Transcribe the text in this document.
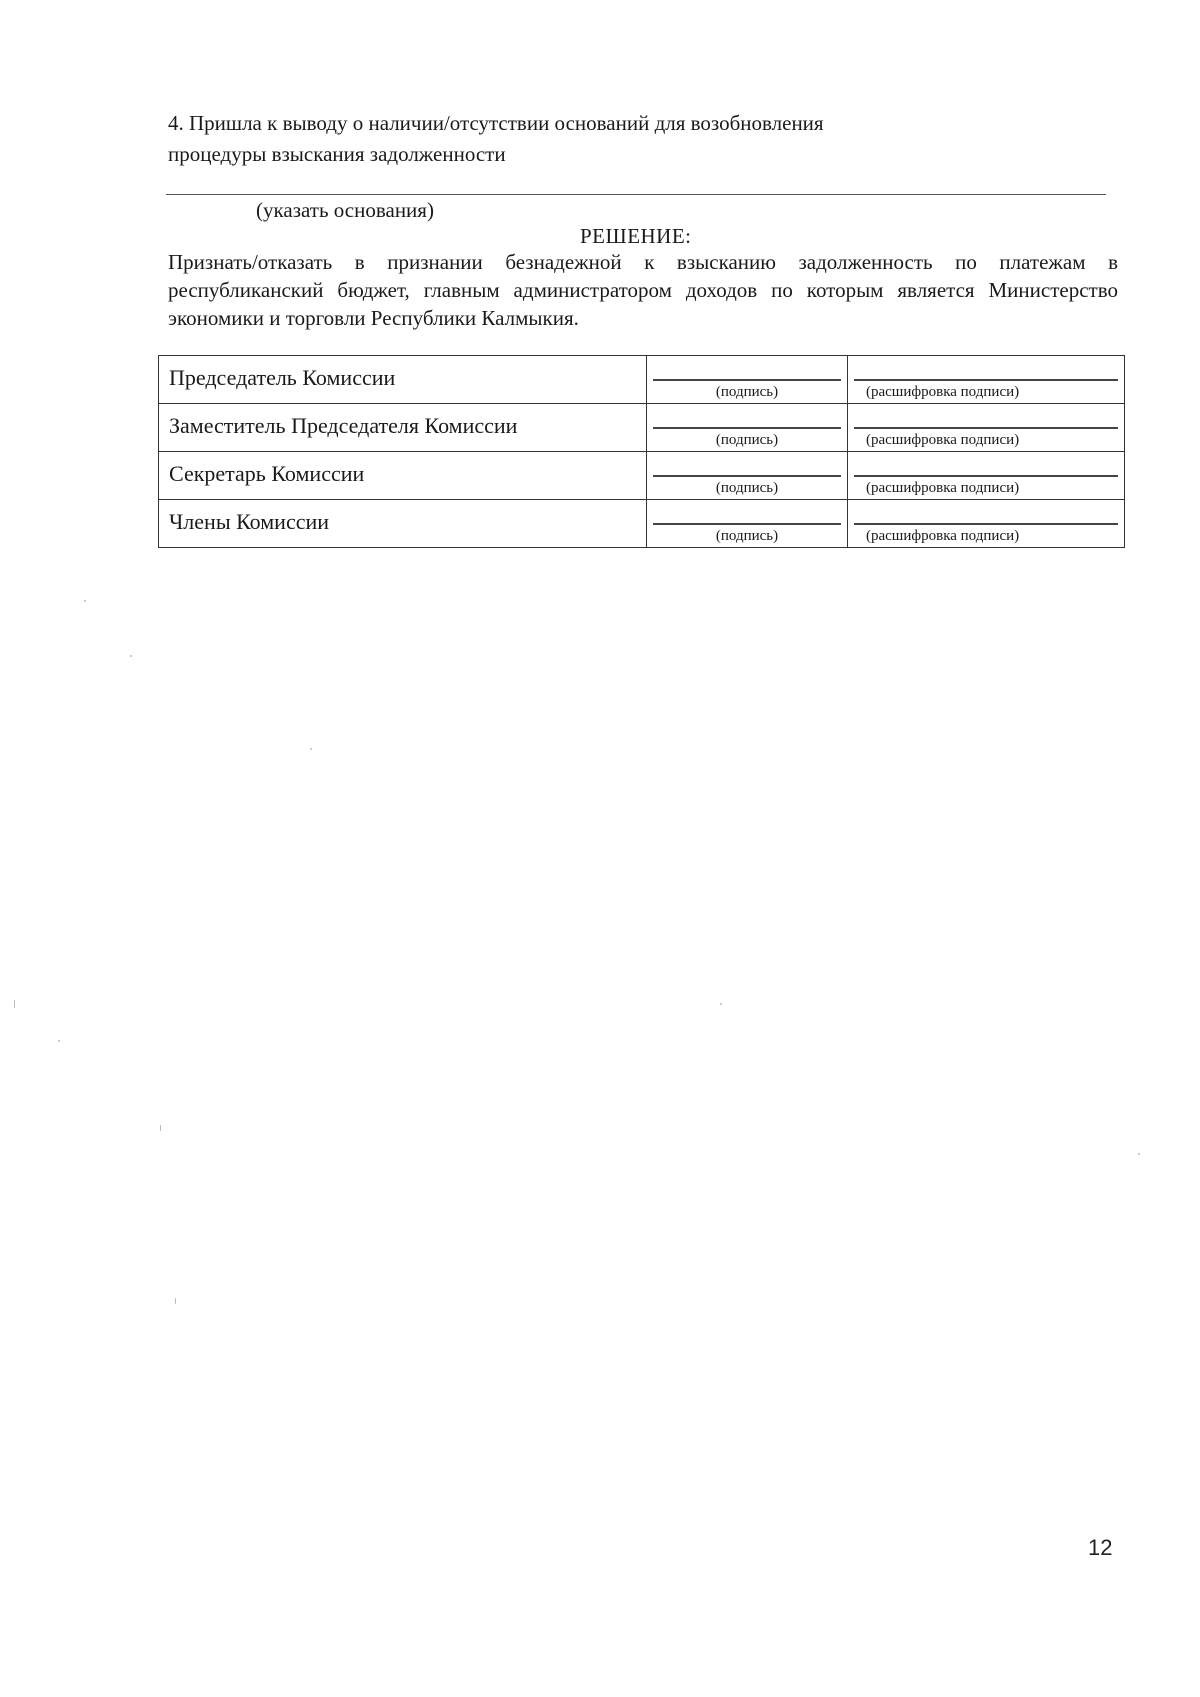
4. Пришла к выводу о наличии/отсутствии оснований для возобновления
процедуры взыскания задолженности
(указать основания)
РЕШЕНИЕ:
Признать/отказать в признании безнадежной к взысканию задолженность по платежам в республиканский бюджет, главным администратором доходов по которым является Министерство экономики и торговли Республики Калмыкия.
Председатель Комиссии	(подпись)	(расшифровка подписи)

Заместитель Председателя Комиссии	(подпись)	(расшифровка подписи)

Секретарь Комиссии	(подпись)	(расшифровка подписи)

Члены Комиссии	(подпись)	(расшифровка подписи)
12
